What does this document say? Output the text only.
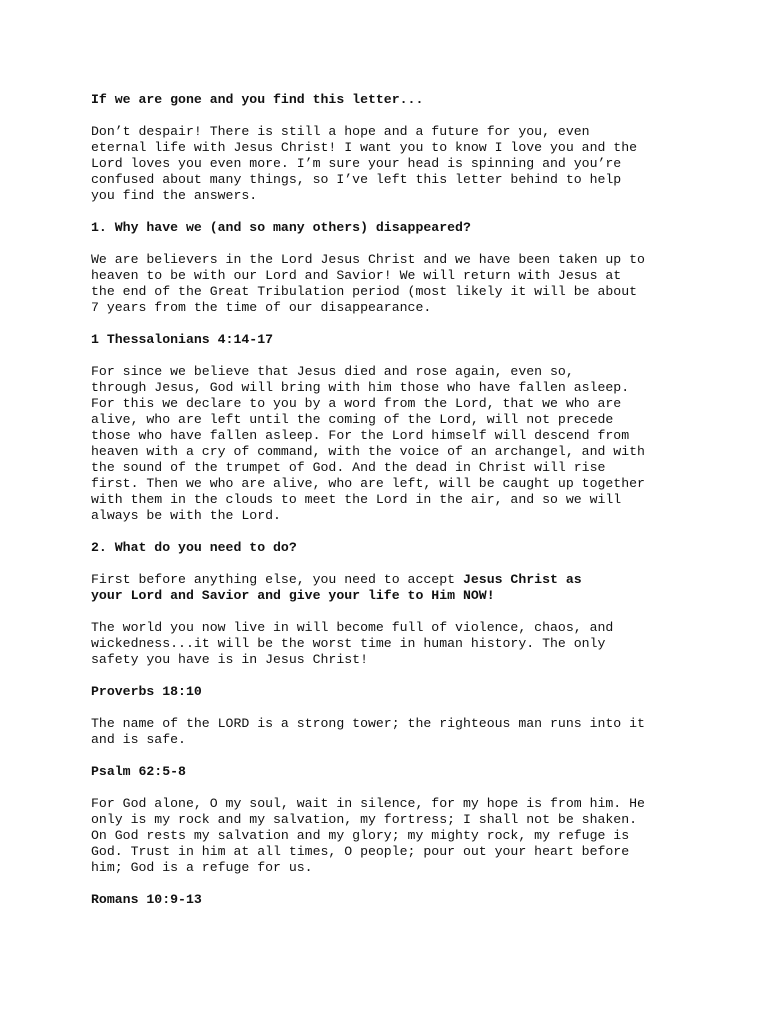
If we are gone and you find this letter...
Don’t despair! There is still a hope and a future for you, even
eternal life with Jesus Christ! I want you to know I love you and the
Lord loves you even more. I’m sure your head is spinning and you’re
confused about many things, so I’ve left this letter behind to help
you find the answers.
1. Why have we (and so many others) disappeared?
We are believers in the Lord Jesus Christ and we have been taken up to
heaven to be with our Lord and Savior! We will return with Jesus at
the end of the Great Tribulation period (most likely it will be about
7 years from the time of our disappearance.
1 Thessalonians 4:14-17
For since we believe that Jesus died and rose again, even so,
through Jesus, God will bring with him those who have fallen asleep.
For this we declare to you by a word from the Lord, that we who are
alive, who are left until the coming of the Lord, will not precede
those who have fallen asleep. For the Lord himself will descend from
heaven with a cry of command, with the voice of an archangel, and with
the sound of the trumpet of God. And the dead in Christ will rise
first. Then we who are alive, who are left, will be caught up together
with them in the clouds to meet the Lord in the air, and so we will
always be with the Lord.
2. What do you need to do?
First before anything else, you need to accept Jesus Christ as
your Lord and Savior and give your life to Him NOW!
The world you now live in will become full of violence, chaos, and
wickedness...it will be the worst time in human history. The only
safety you have is in Jesus Christ!
Proverbs 18:10
The name of the LORD is a strong tower; the righteous man runs into it
and is safe.
Psalm 62:5-8
For God alone, O my soul, wait in silence, for my hope is from him. He
only is my rock and my salvation, my fortress; I shall not be shaken.
On God rests my salvation and my glory; my mighty rock, my refuge is
God. Trust in him at all times, O people; pour out your heart before
him; God is a refuge for us.
Romans 10:9-13
